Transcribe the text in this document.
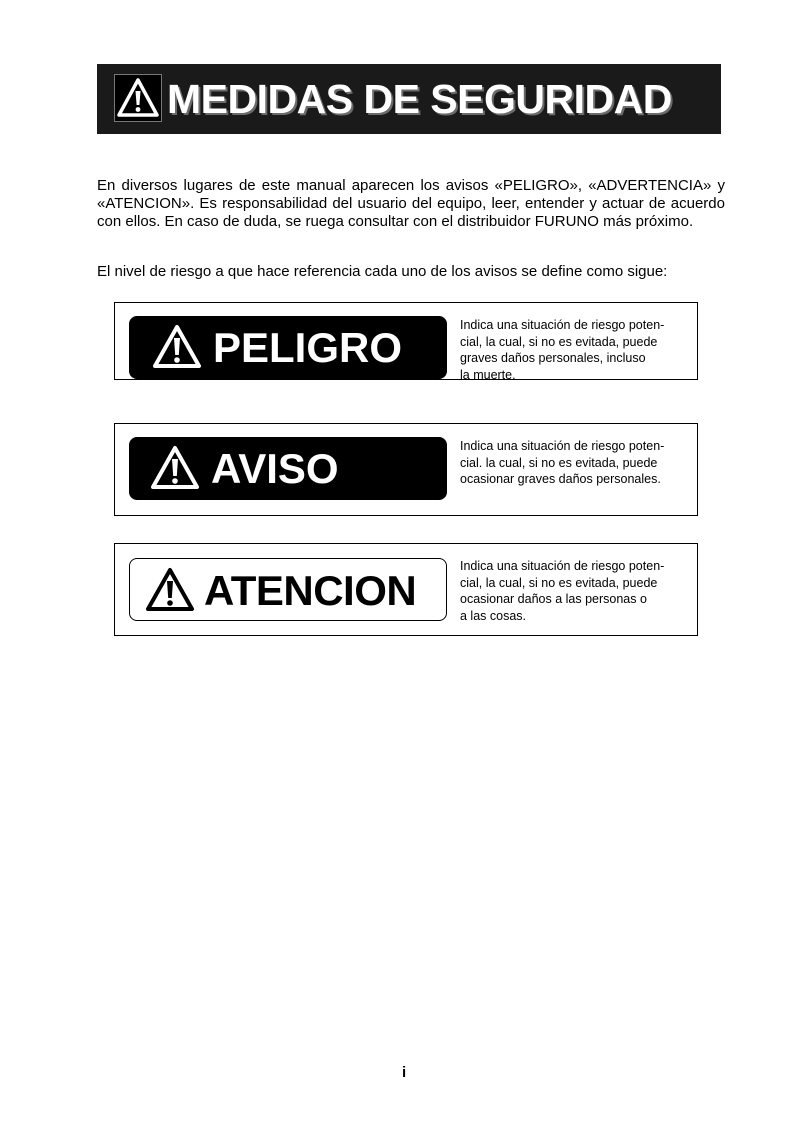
MEDIDAS DE SEGURIDAD
En diversos lugares de este manual aparecen los avisos «PELIGRO», «ADVERTENCIA» y «ATENCION». Es responsabilidad del usuario del equipo, leer, entender y actuar de acuerdo con ellos. En caso de duda, se ruega consultar con el distribuidor FURUNO más próximo.
El nivel de riesgo a que hace referencia cada uno de los avisos se define como sigue:
PELIGRO	Indica una situación de riesgo poten-
cial, la cual, si no es evitada, puede
graves daños personales, incluso
la muerte.
AVISO	Indica una situación de riesgo poten-
cial. la cual, si no es evitada, puede
ocasionar graves daños personales.
ATENCION
Indica una situación de riesgo poten-
cial, la cual, si no es evitada, puede
ocasionar daños a las personas o
a las cosas.
i
